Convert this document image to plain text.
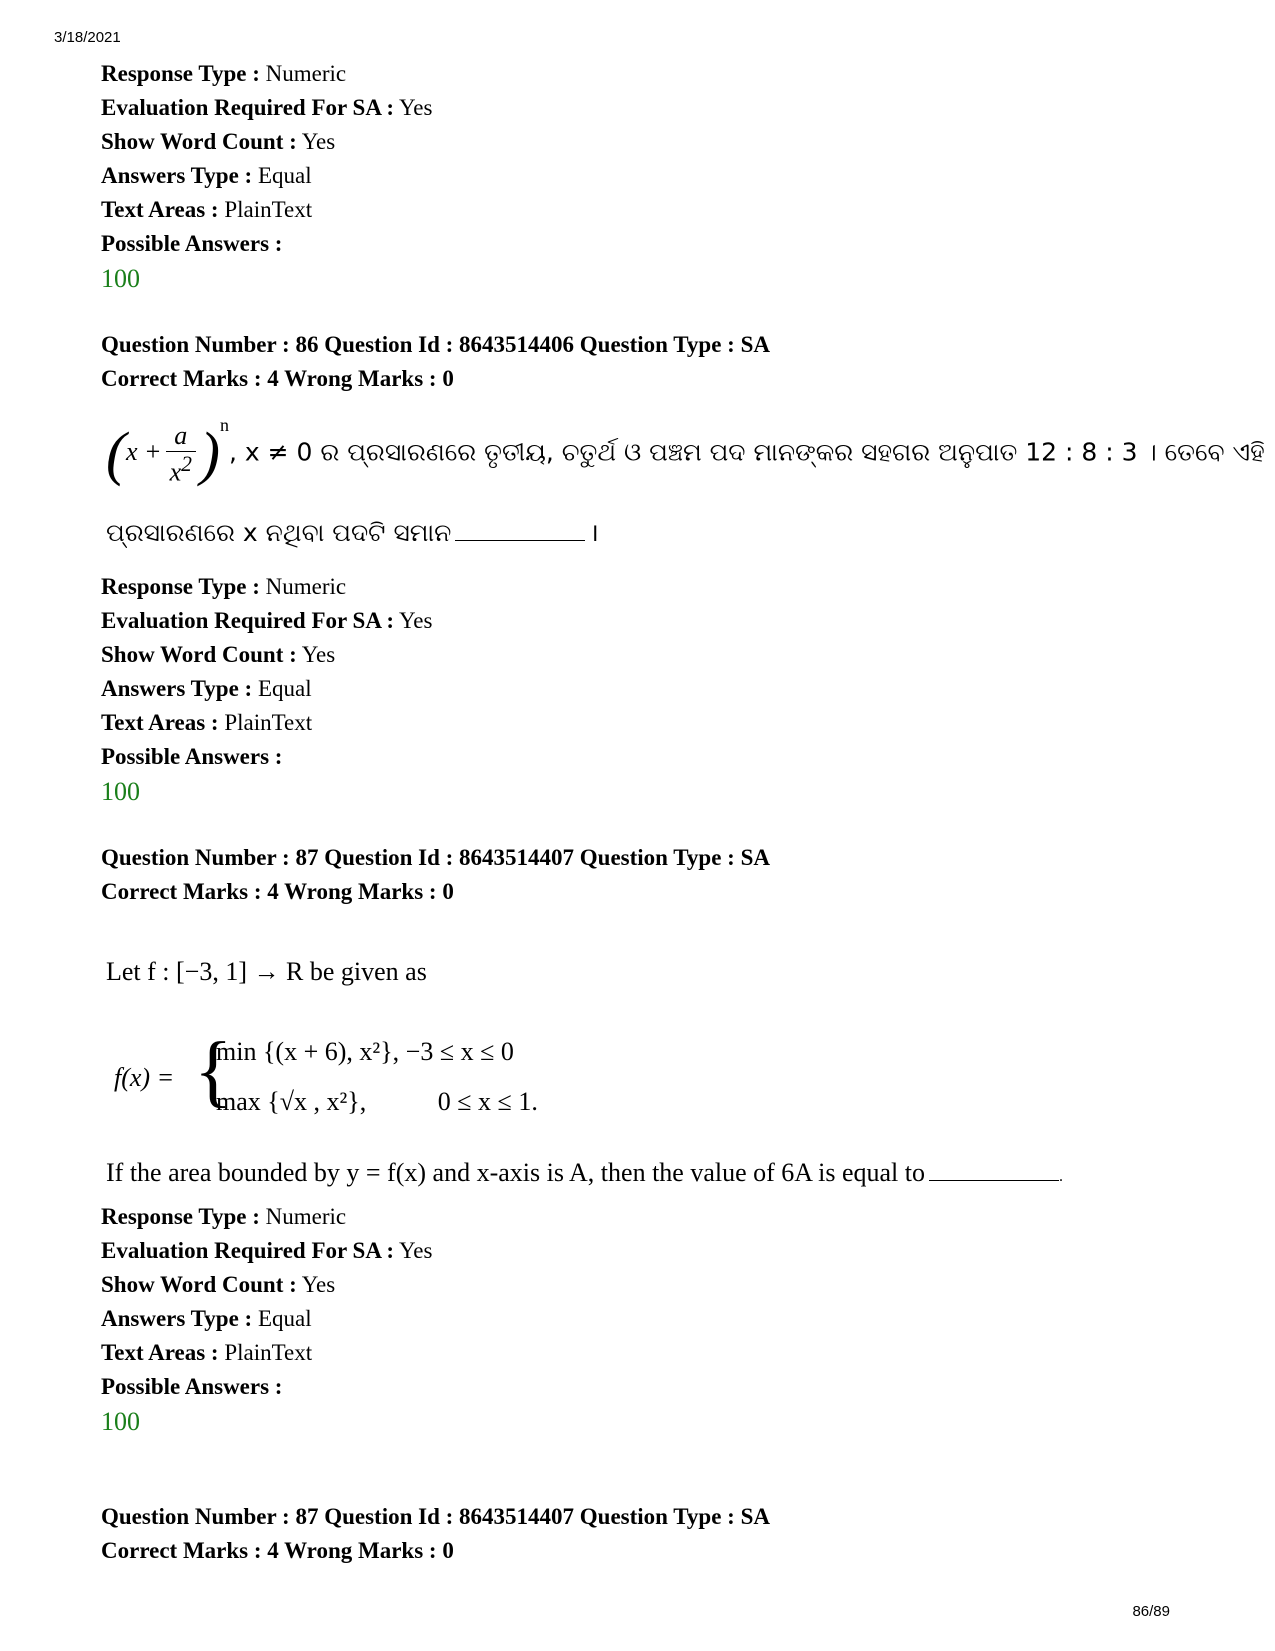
3/18/2021
Response Type : Numeric
Evaluation Required For SA : Yes
Show Word Count : Yes
Answers Type : Equal
Text Areas : PlainText
Possible Answers :
100
Question Number : 86 Question Id : 8643514406 Question Type : SA
Correct Marks : 4 Wrong Marks : 0
$(x + \frac{a}{x^2} )^n$, x ≠ 0 ର ପ୍ରସାରଣରେ ତୃତୀୟ, ଚତୁର୍ଥ ଓ ପଞ୍ଚମ ପଦ ମାନଙ୍କର ସହଗର ଅନୁପାତ 12 : 8 : 3 । ତେବେ ଏହି
ପ୍ରସାରଣରେ x ନଥିବା ପଦଟି ସମାନ	।
Response Type : Numeric
Evaluation Required For SA : Yes
Show Word Count : Yes
Answers Type : Equal
Text Areas : PlainText
Possible Answers :
100
Question Number : 87 Question Id : 8643514407 Question Type : SA
Correct Marks : 4 Wrong Marks : 0
Let f : [−3, 1] → R be given as
f(x) = {
min {(x + 6), x²}, −3 ≤ x ≤ 0
max {√x , x²},           0 ≤ x ≤ 1.
If the area bounded by y = f(x) and x-axis is A, then the value of 6A is equal to	.
Response Type : Numeric
Evaluation Required For SA : Yes
Show Word Count : Yes
Answers Type : Equal
Text Areas : PlainText
Possible Answers :
100
Question Number : 87 Question Id : 8643514407 Question Type : SA
Correct Marks : 4 Wrong Marks : 0
86/89
